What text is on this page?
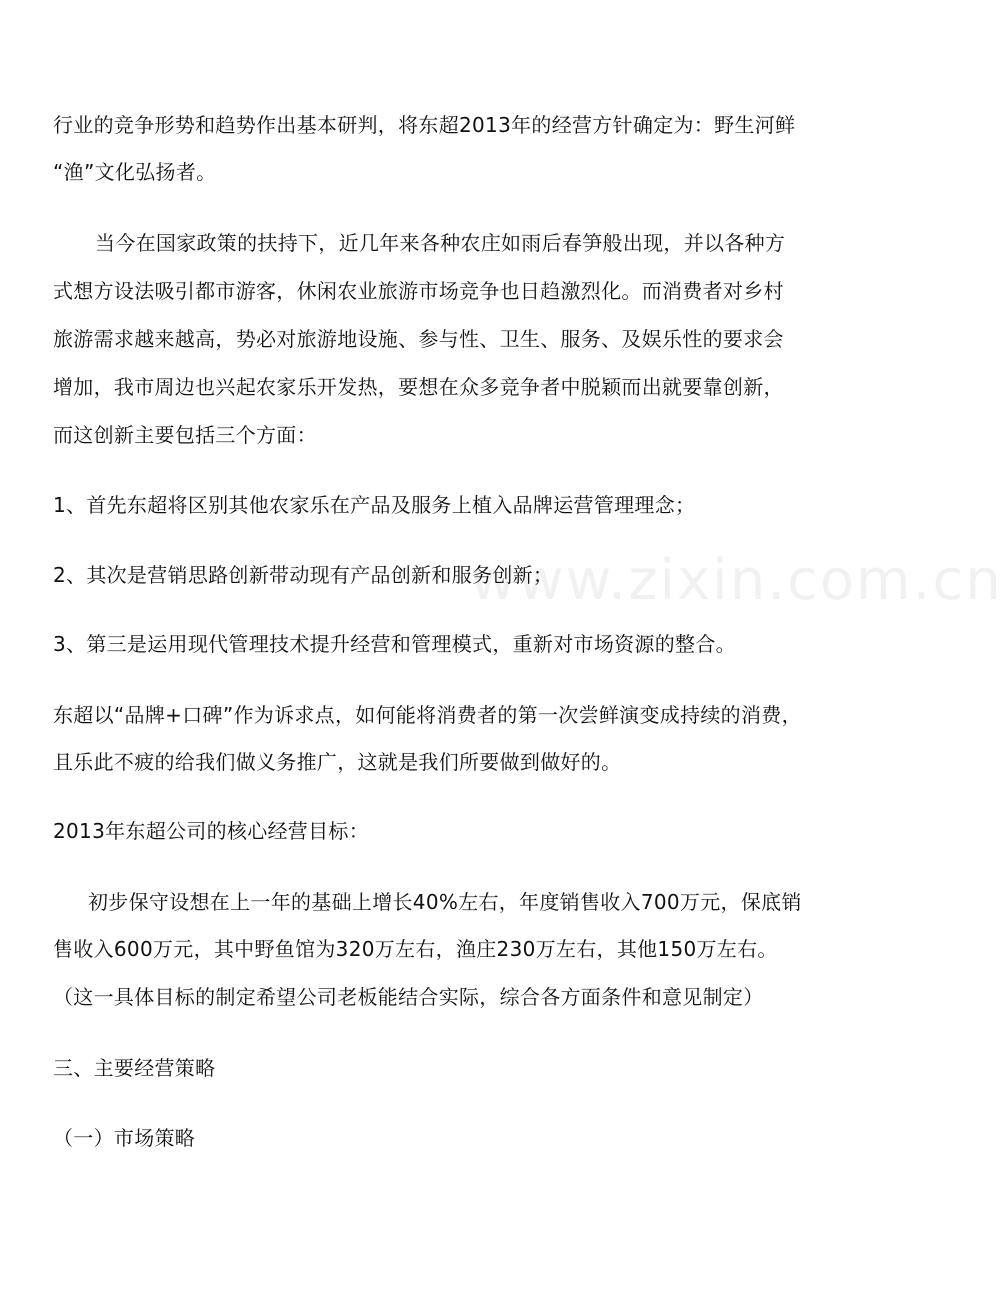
www.zixin.com.cn
行业的竞争形势和趋势作出基本研判，将东超2013年的经营方针确定为：野生河鲜
“渔”文化弘扬者。
当今在国家政策的扶持下，近几年来各种农庄如雨后春笋般出现，并以各种方
式想方设法吸引都市游客，休闲农业旅游市场竞争也日趋激烈化。而消费者对乡村
旅游需求越来越高，势必对旅游地设施、参与性、卫生、服务、及娱乐性的要求会
增加，我市周边也兴起农家乐开发热，要想在众多竞争者中脱颖而出就要靠创新，
而这创新主要包括三个方面：
1、首先东超将区别其他农家乐在产品及服务上植入品牌运营管理理念；
2、其次是营销思路创新带动现有产品创新和服务创新；
3、第三是运用现代管理技术提升经营和管理模式，重新对市场资源的整合。
东超以“品牌+口碑”作为诉求点，如何能将消费者的第一次尝鲜演变成持续的消费，
且乐此不疲的给我们做义务推广，这就是我们所要做到做好的。
2013年东超公司的核心经营目标：
初步保守设想在上一年的基础上增长40%左右，年度销售收入700万元，保底销
售收入600万元，其中野鱼馆为320万左右，渔庄230万左右，其他150万左右。
（这一具体目标的制定希望公司老板能结合实际，综合各方面条件和意见制定）
三、主要经营策略
（一）市场策略
